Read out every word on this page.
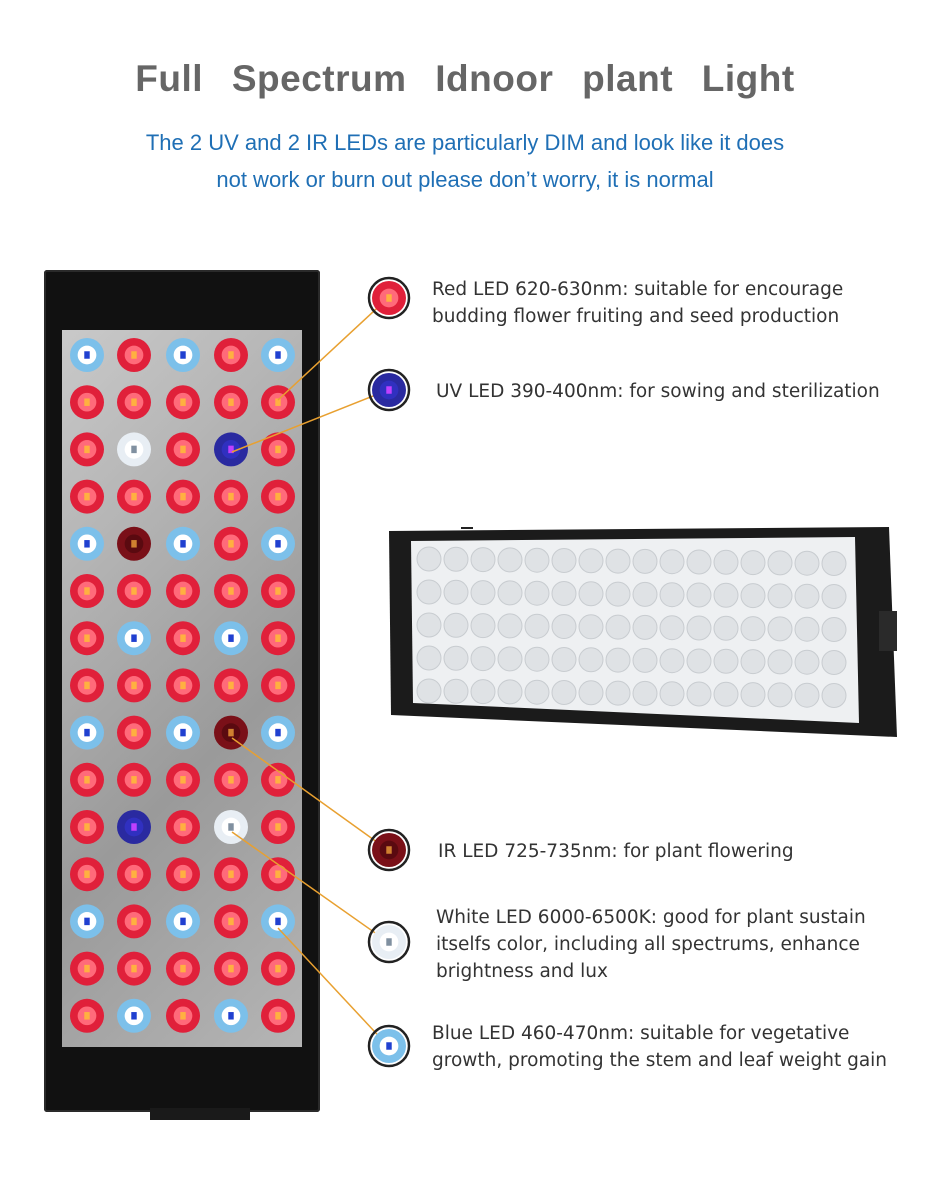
Full Spectrum Idnoor plant Light
The 2 UV and 2 IR LEDs are particularly DIM and look like it does
not work or burn out please don’t worry, it is normal
Red LED 620-630nm: suitable for encourage
budding flower fruiting and seed production
UV LED 390-400nm: for sowing and sterilization
IR LED 725-735nm: for plant flowering
White LED 6000-6500K: good for plant sustain
itselfs color, including all spectrums, enhance
brightness and lux
Blue LED 460-470nm: suitable for vegetative
growth, promoting the stem and leaf weight gain
